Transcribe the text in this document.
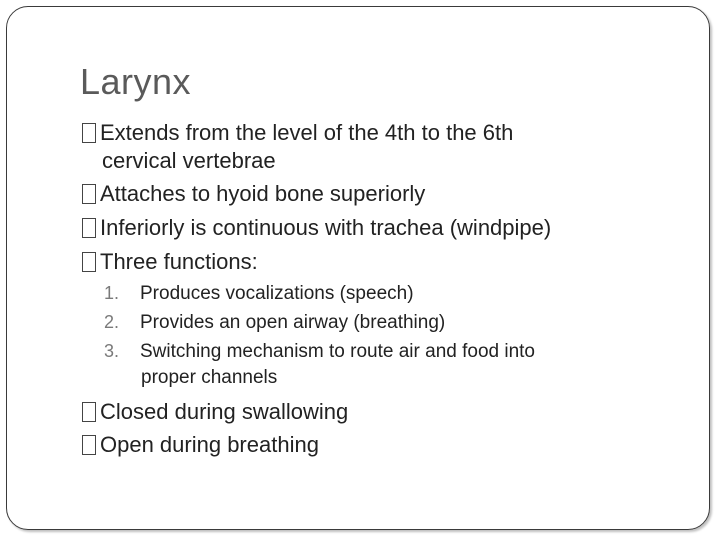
Larynx
Extends from the level of the 4th to the 6th
cervical vertebrae
Attaches to hyoid bone superiorly
Inferiorly is continuous with trachea (windpipe)
Three functions:
1. Produces vocalizations (speech)
2. Provides an open airway (breathing)
3. Switching mechanism to route air and food into
proper channels
Closed during swallowing
Open during breathing
